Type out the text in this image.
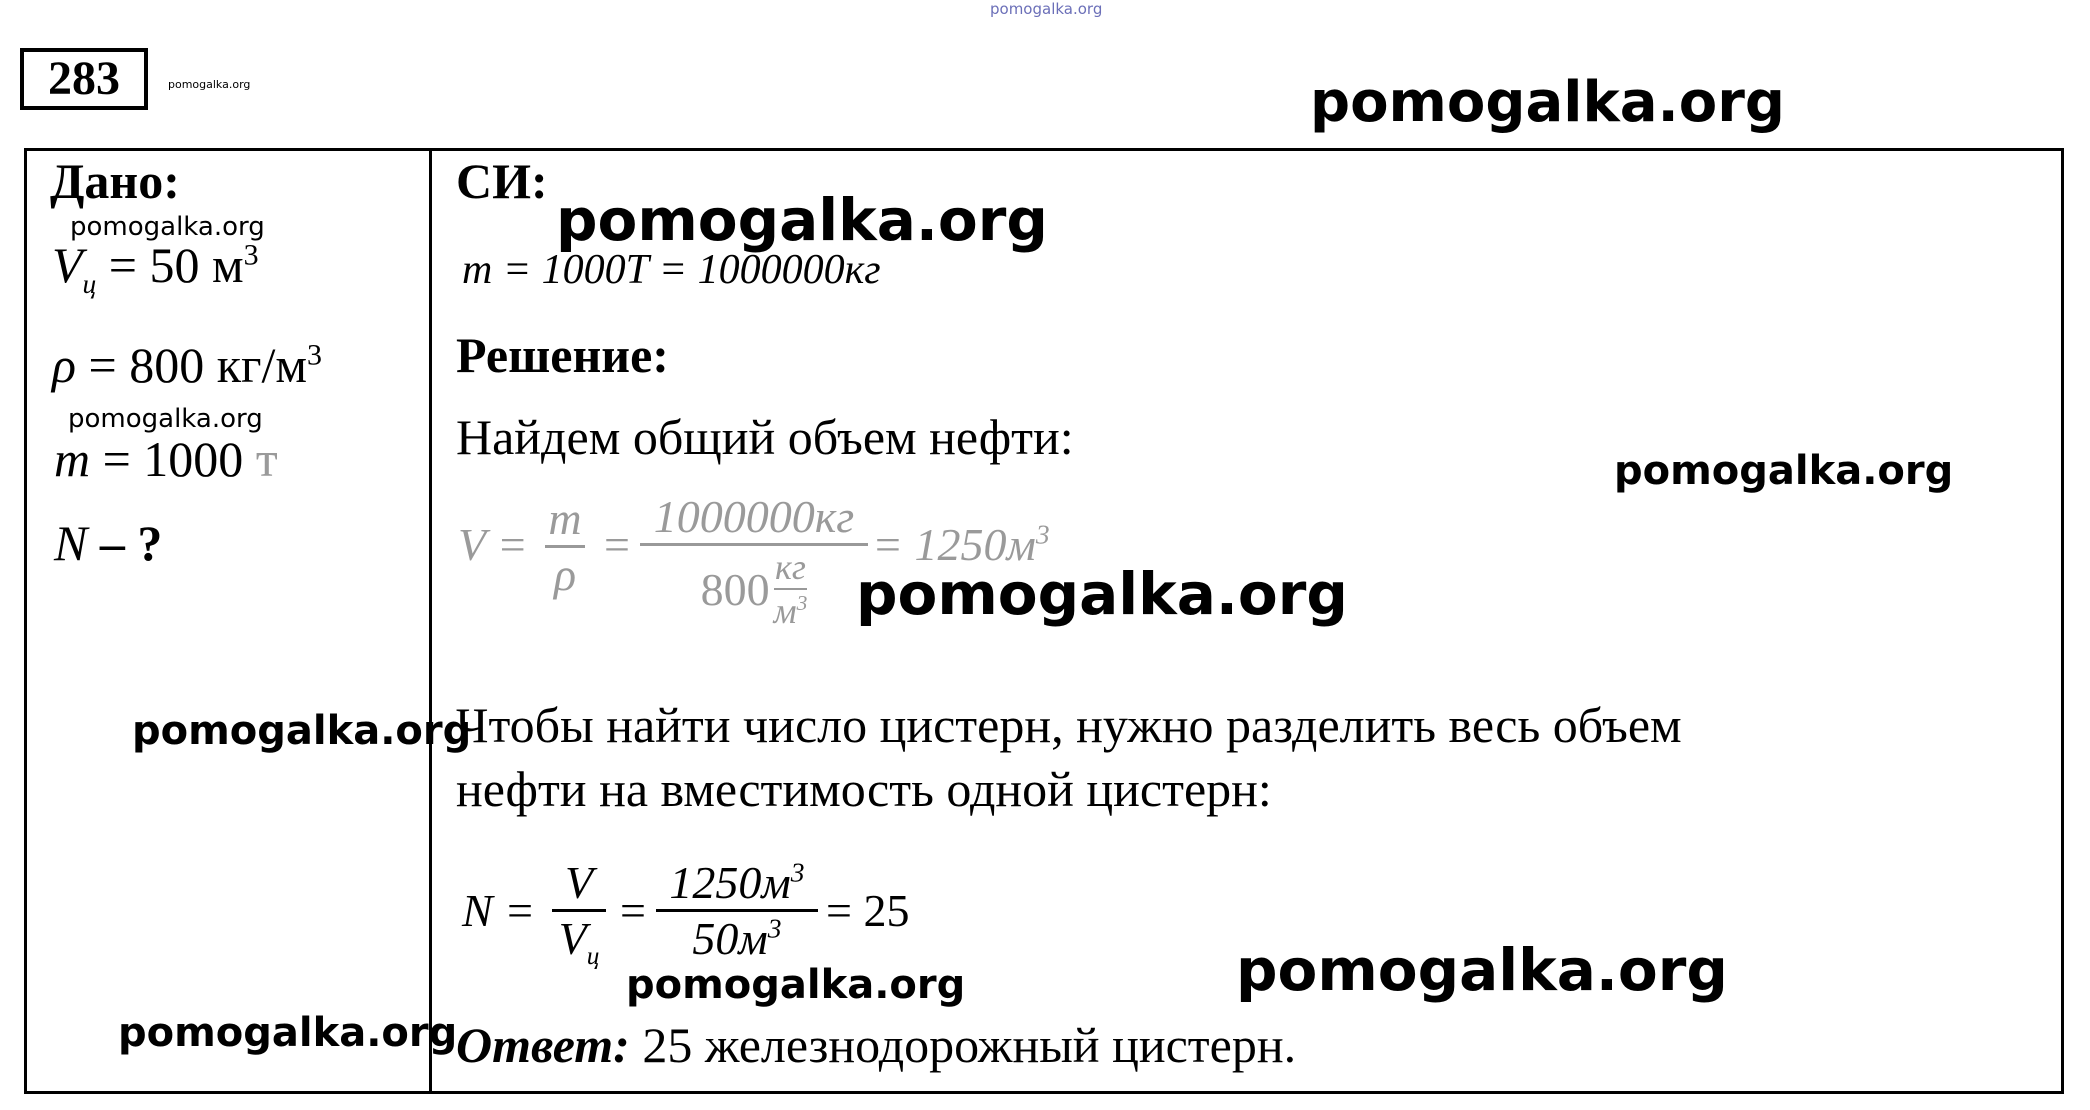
pomogalka.org
283	pomogalka.org	pomogalka.org
Дано:
pomogalka.org
$V_ц = 50$ $м^3$
ρ = 800 $кг/м^3$
pomogalka.org
m = 1000 т
N – ?
pomogalka.org
pomogalka.org
СИ:
pomogalka.org
m = 1000T = 1000000кг
Решение:
Найдем общий объем нефти:
pomogalka.org
V =
m
ρ
=
1000000кг
$800 \frac{кг}{м^3}$
= $1250м^3$
pomogalka.org
Чтобы найти число цистерн, нужно разделить весь объем
нефти на вместимость одной цистерн:
N =
V
$V_ц$
=
$1250м^3$
$50м^3 = 25$
pomogalka.org	pomogalka.org
Ответ: 25 железнодорожный цистерн.
